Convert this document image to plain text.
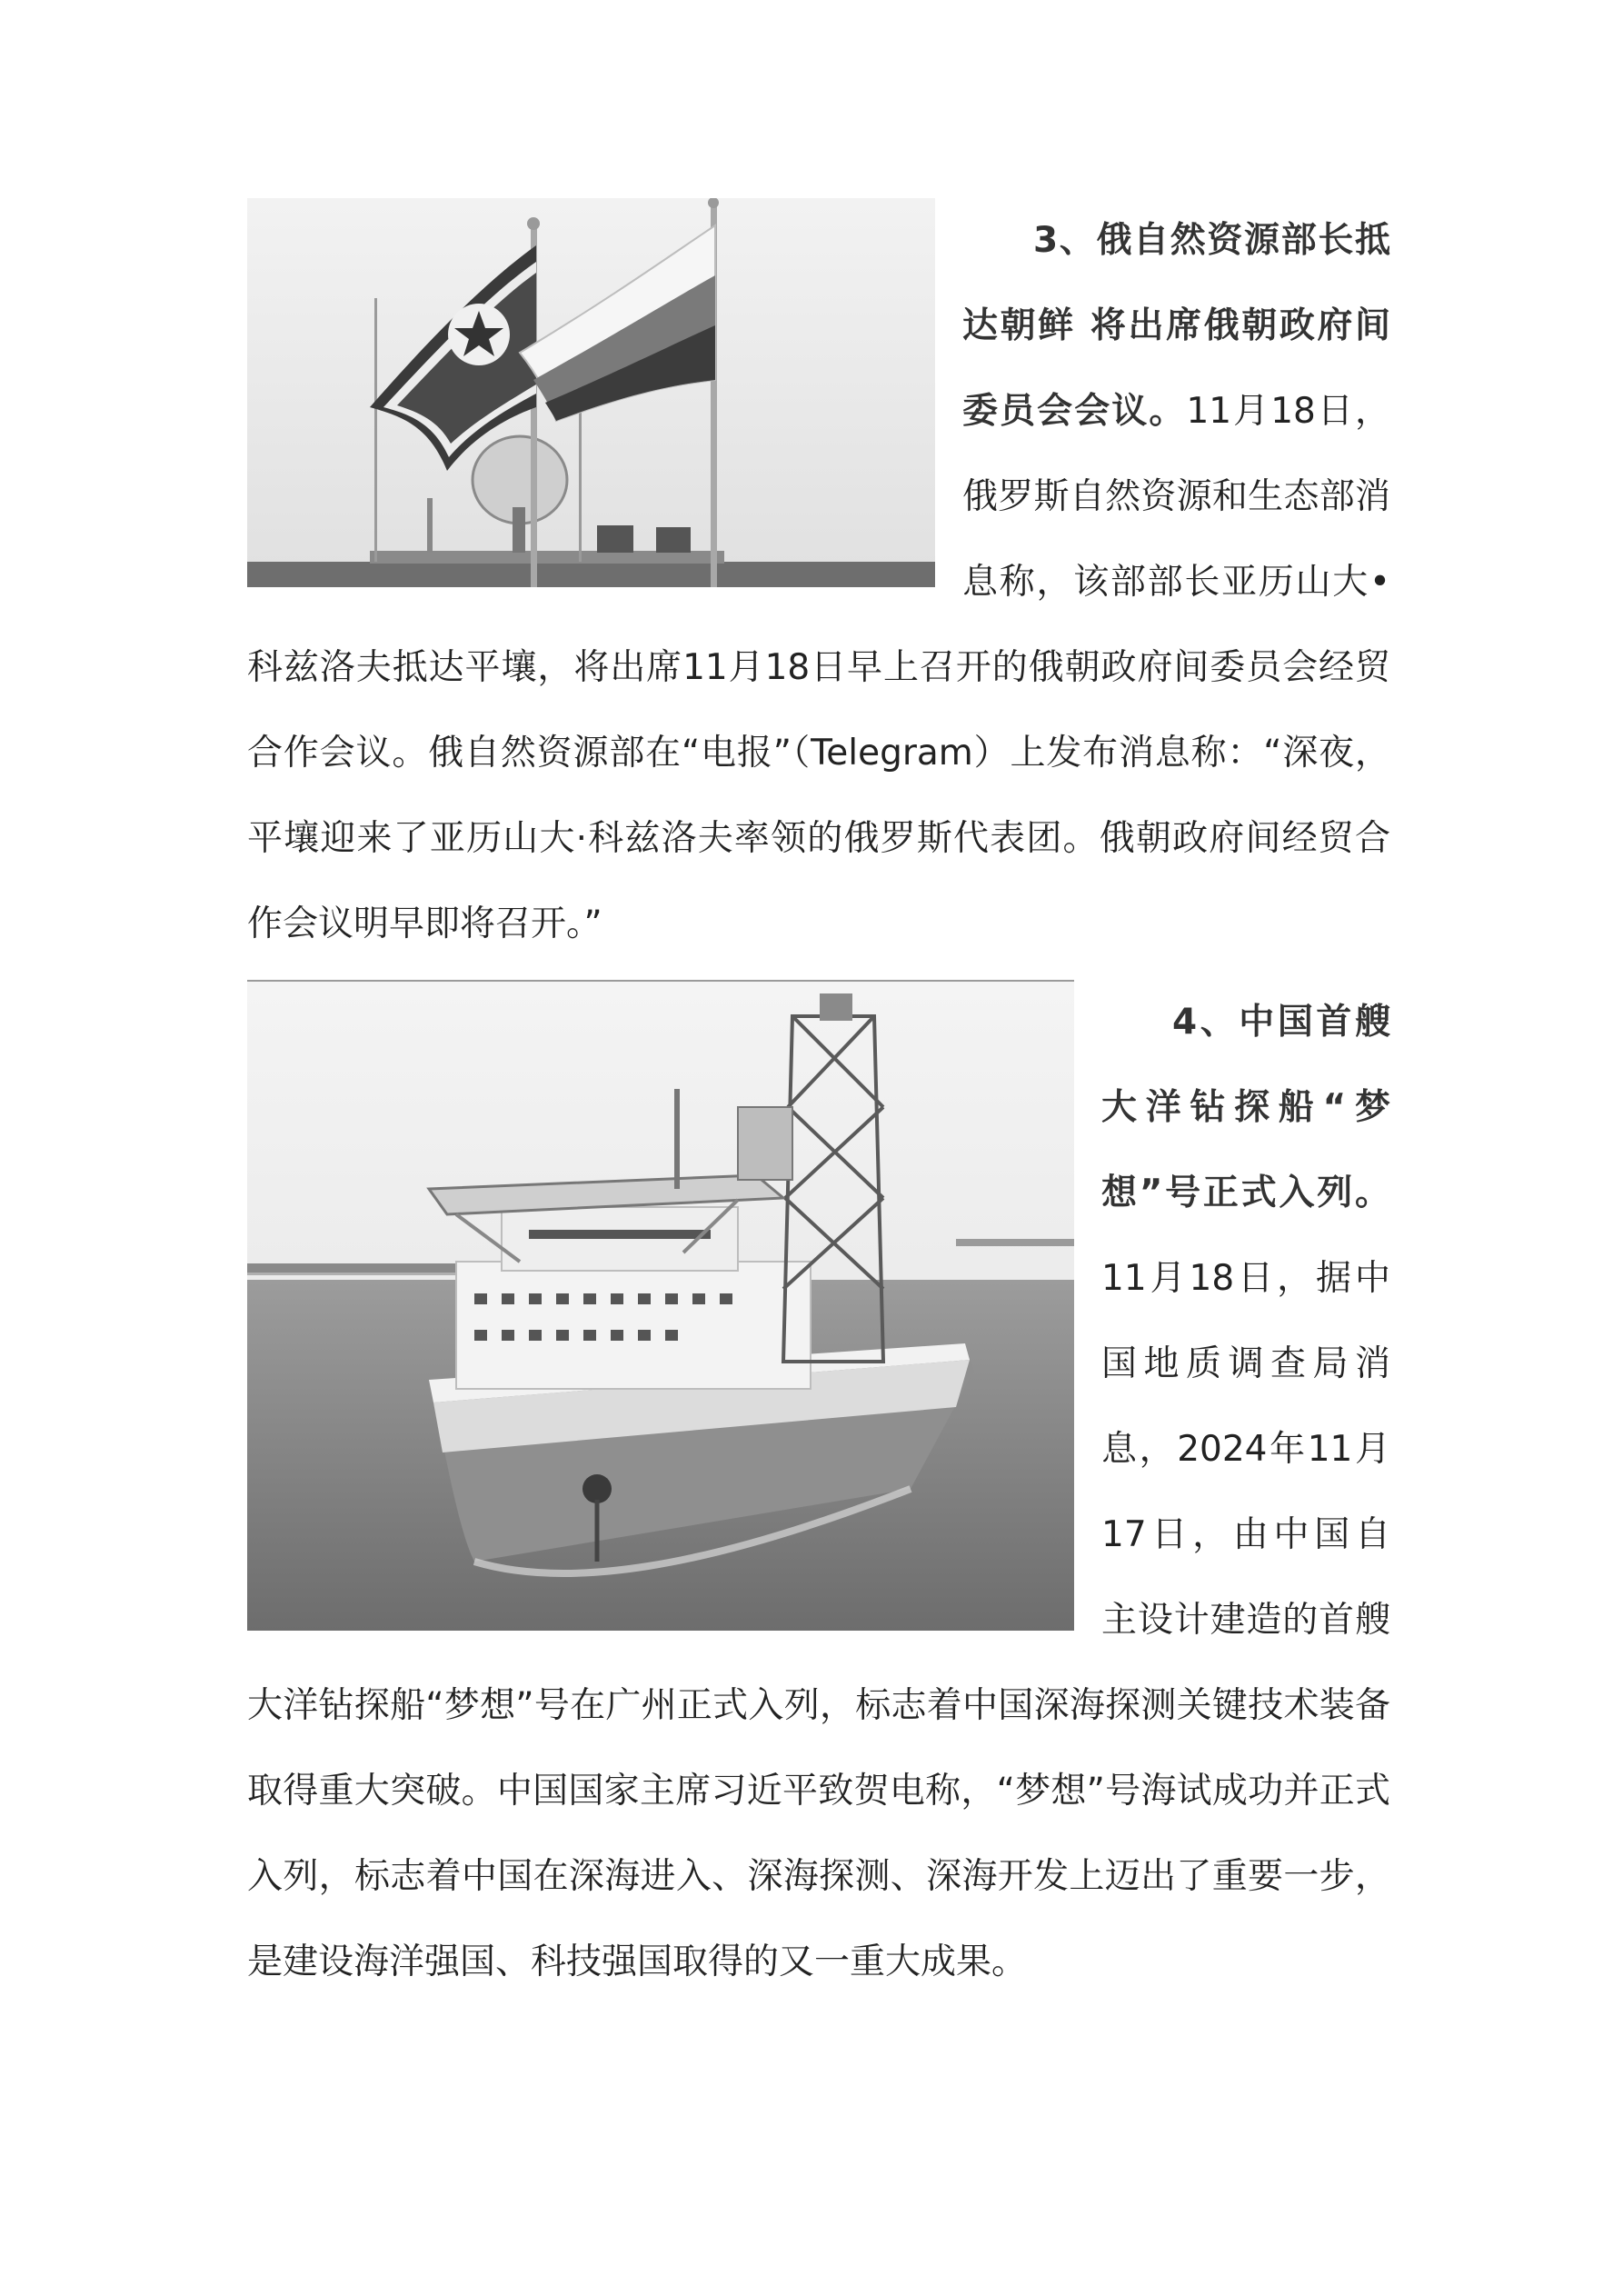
3、俄自然资源部长抵达朝鲜 将出席俄朝政府间委员会会议。11月18日，俄罗斯自然资源和生态部消息称，该部部长亚历山大•科兹洛夫抵达平壤，将出席11月18日早上召开的俄朝政府间委员会经贸合作会议。俄自然资源部在“电报”（Telegram）上发布消息称：“深夜，平壤迎来了亚历山大·科兹洛夫率领的俄罗斯代表团。俄朝政府间经贸合作会议明早即将召开。”

4、中国首艘大洋钻探船“梦想”号正式入列。11月18日，据中国地质调查局消息，2024年11月17日，由中国自主设计建造的首艘大洋钻探船“梦想”号在广州正式入列，标志着中国深海探测关键技术装备取得重大突破。中国国家主席习近平致贺电称，“梦想”号海试成功并正式入列，标志着中国在深海进入、深海探测、深海开发上迈出了重要一步，是建设海洋强国、科技强国取得的又一重大成果。
